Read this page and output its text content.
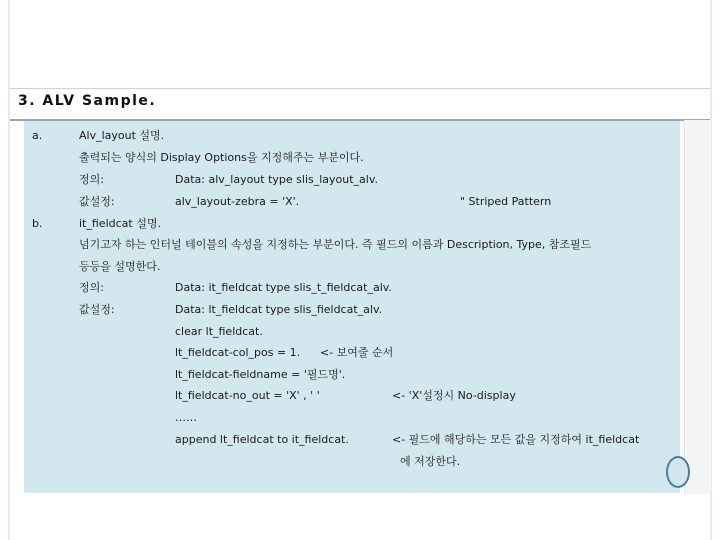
3. ALV Sample.
a.	Alv_layout 설명.
출력되는 양식의 Display Options을 지정해주는 부분이다.
정의:	Data: alv_layout type slis_layout_alv.
값설정:	alv_layout-zebra = 'X'.	" Striped Pattern
b.	it_fieldcat 설명.
넘기고자 하는 인터널 테이블의 속성을 지정하는 부분이다. 즉 필드의 이름과 Description, Type, 참조필드
등등을 설명한다.
정의:	Data: it_fieldcat type slis_t_fieldcat_alv.
값설정:	Data: lt_fieldcat type slis_fieldcat_alv.
clear lt_fieldcat.
lt_fieldcat-col_pos = 1. <- 보여줄 순서
lt_fieldcat-fieldname = '필드명'.
lt_fieldcat-no_out = 'X' , ' '	<- 'X'설정시 No-display
……
append lt_fieldcat to it_fieldcat.	<- 필드에 해당하는 모든 값을 지정하여 it_fieldcat
에 저장한다.
